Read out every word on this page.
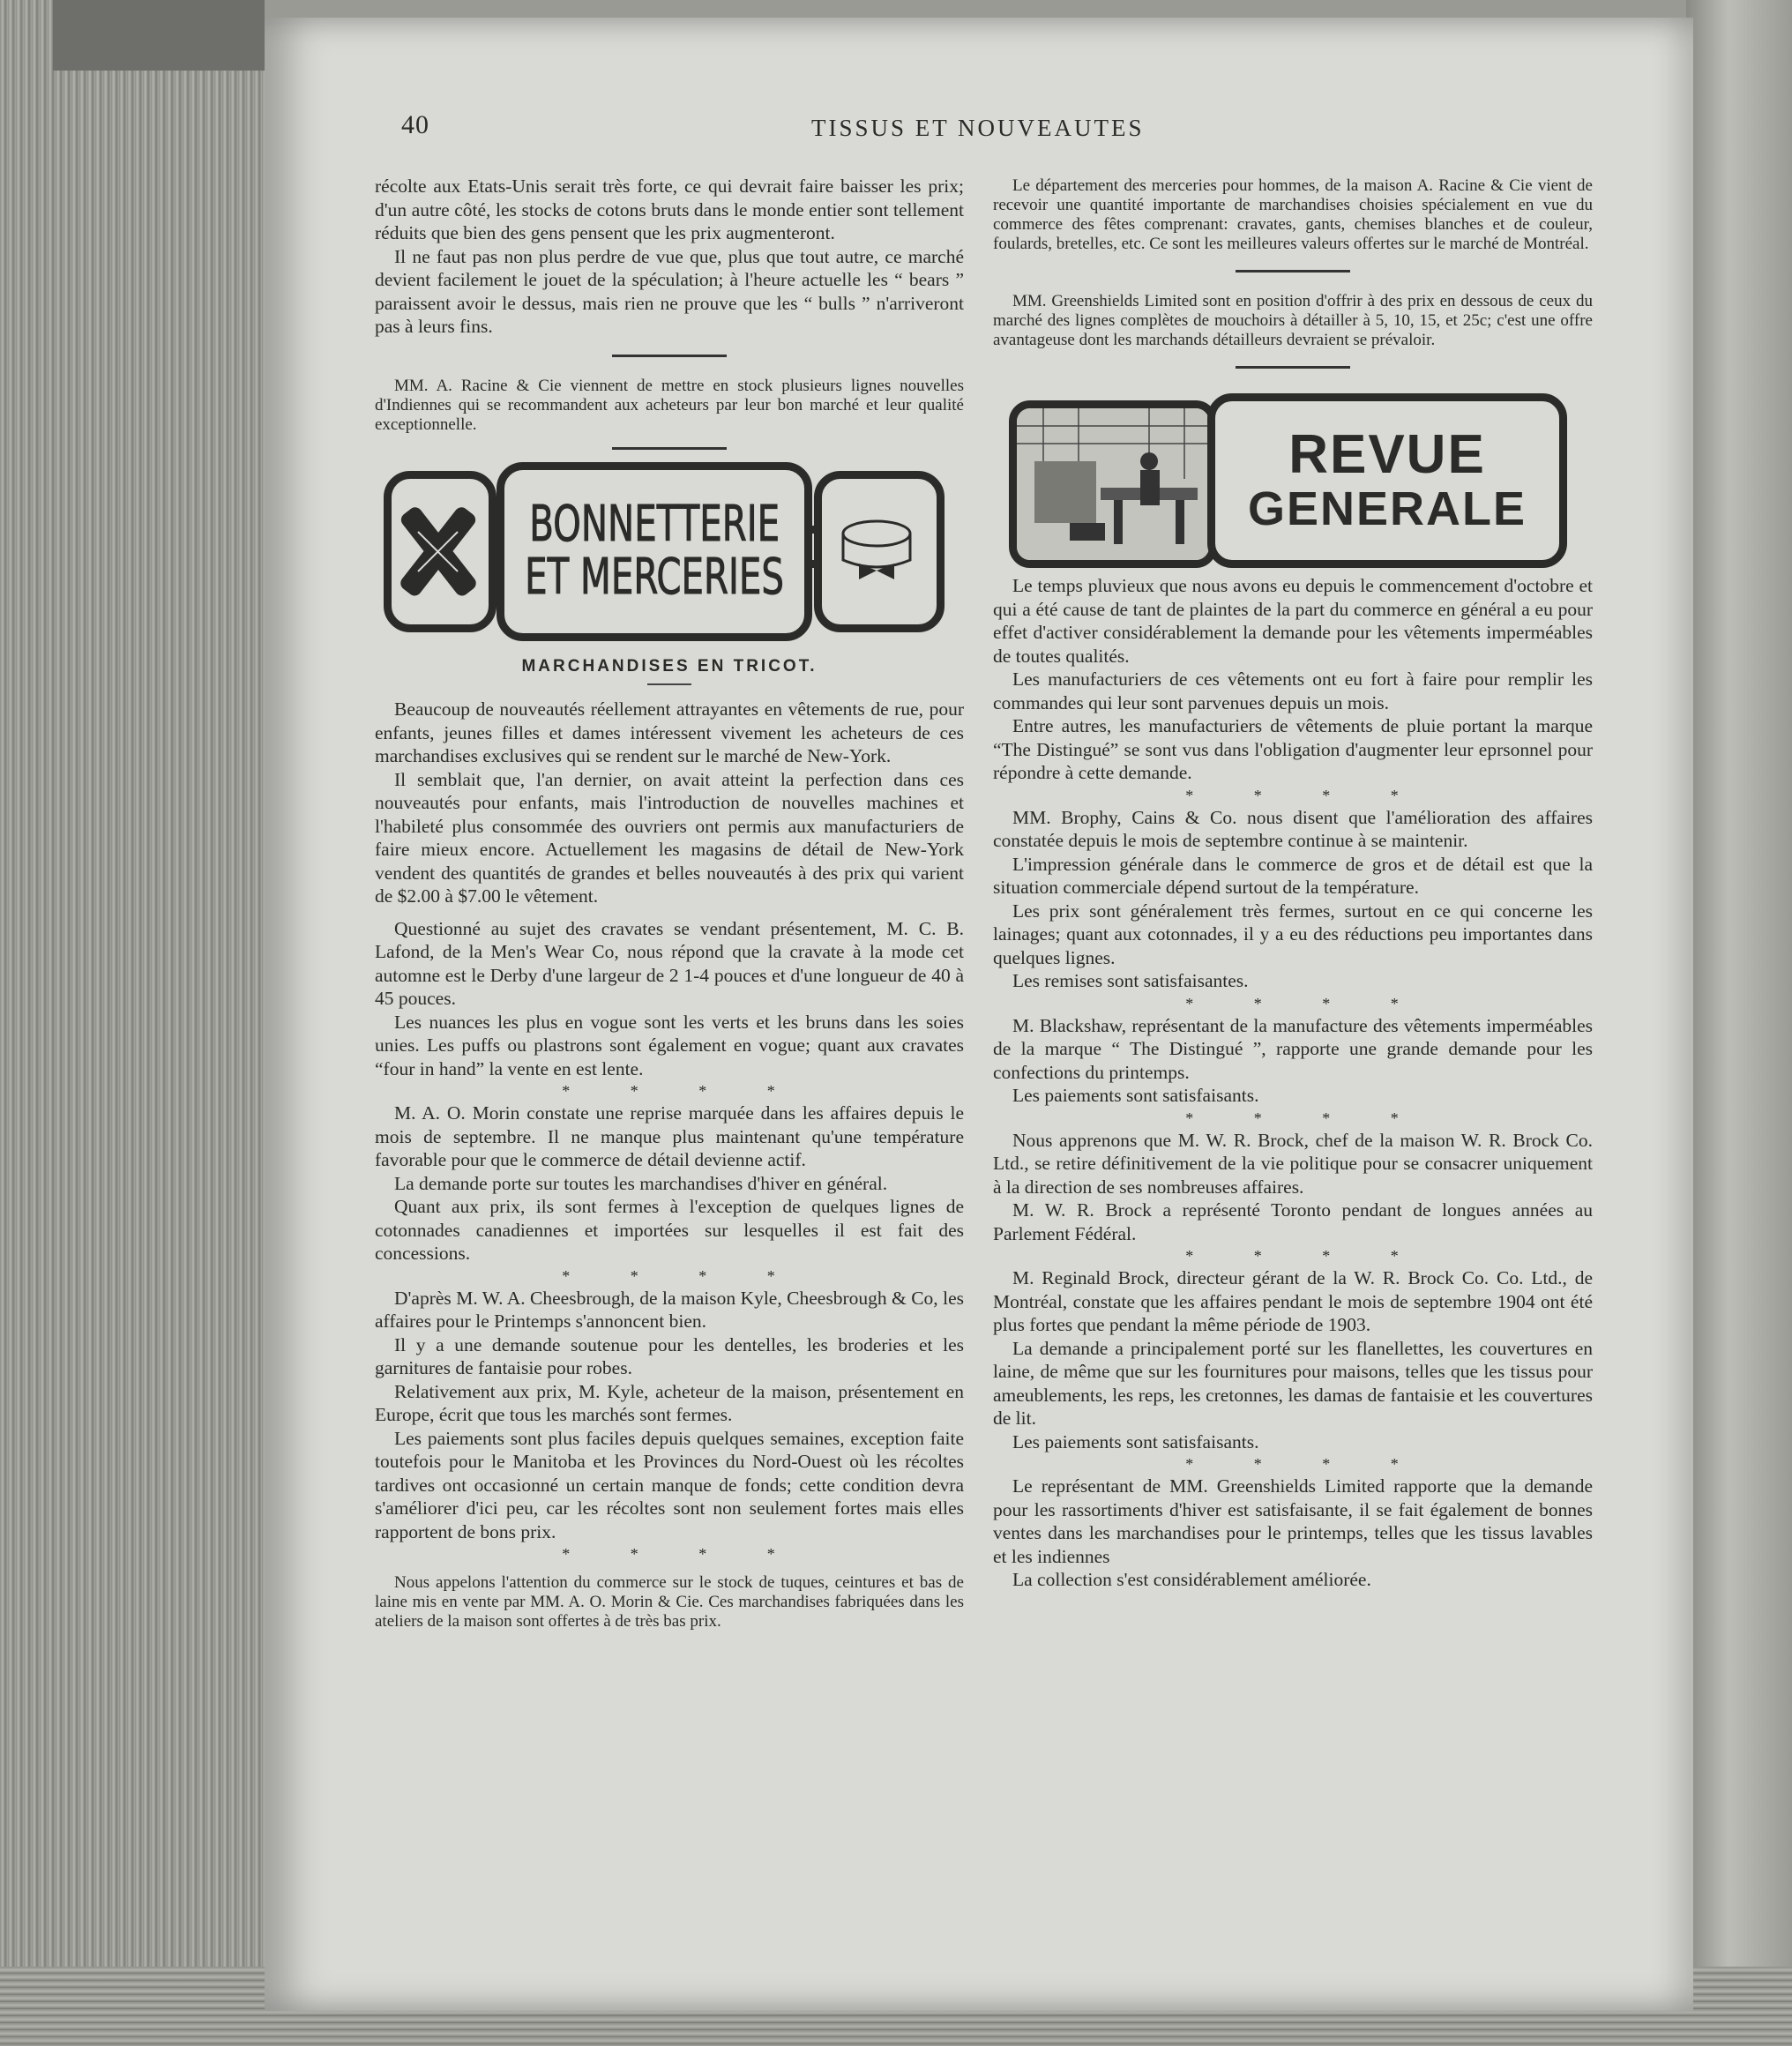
40	TISSUS ET NOUVEAUTES

récolte aux Etats-Unis serait très forte, ce qui devrait faire baisser les prix; d'un autre côté, les stocks de cotons bruts dans le monde entier sont tellement réduits que bien des gens pensent que les prix augmenteront.

Il ne faut pas non plus perdre de vue que, plus que tout autre, ce marché devient facilement le jouet de la spéculation; à l'heure actuelle les “ bears ” paraissent avoir le dessus, mais rien ne prouve que les “ bulls ” n'arriveront pas à leurs fins.

MM. A. Racine & Cie viennent de mettre en stock plusieurs lignes nouvelles d'Indiennes qui se recommandent aux acheteurs par leur bon marché et leur qualité exceptionnelle.

BONNETTERIE
ET MERCERIES
MARCHANDISES EN TRICOT.

Beaucoup de nouveautés réellement attrayantes en vêtements de rue, pour enfants, jeunes filles et dames intéressent vivement les acheteurs de ces marchandises exclusives qui se rendent sur le marché de New-York.

Il semblait que, l'an dernier, on avait atteint la perfection dans ces nouveautés pour enfants, mais l'introduction de nouvelles machines et l'habileté plus consommée des ouvriers ont permis aux manufacturiers de faire mieux encore. Actuellement les magasins de détail de New-York vendent des quantités de grandes et belles nouveautés à des prix qui varient de $2.00 à $7.00 le vêtement.

Questionné au sujet des cravates se vendant présentement, M. C. B. Lafond, de la Men's Wear Co, nous répond que la cravate à la mode cet automne est le Derby d'une largeur de 2 1-4 pouces et d'une longueur de 40 à 45 pouces.

Les nuances les plus en vogue sont les verts et les bruns dans les soies unies. Les puffs ou plastrons sont également en vogue; quant aux cravates “four in hand” la vente en est lente.

* * * *

M. A. O. Morin constate une reprise marquée dans les affaires depuis le mois de septembre. Il ne manque plus maintenant qu'une température favorable pour que le commerce de détail devienne actif.

La demande porte sur toutes les marchandises d'hiver en général.

Quant aux prix, ils sont fermes à l'exception de quelques lignes de cotonnades canadiennes et importées sur lesquelles il est fait des concessions.

* * * *

D'après M. W. A. Cheesbrough, de la maison Kyle, Cheesbrough & Co, les affaires pour le Printemps s'annoncent bien.

Il y a une demande soutenue pour les dentelles, les broderies et les garnitures de fantaisie pour robes.

Relativement aux prix, M. Kyle, acheteur de la maison, présentement en Europe, écrit que tous les marchés sont fermes.

Les paiements sont plus faciles depuis quelques semaines, exception faite toutefois pour le Manitoba et les Provinces du Nord-Ouest où les récoltes tardives ont occasionné un certain manque de fonds; cette condition devra s'améliorer d'ici peu, car les récoltes sont non seulement fortes mais elles rapportent de bons prix.

* * * *

Nous appelons l'attention du commerce sur le stock de tuques, ceintures et bas de laine mis en vente par MM. A. O. Morin & Cie. Ces marchandises fabriquées dans les ateliers de la maison sont offertes à de très bas prix.

Le département des merceries pour hommes, de la maison A. Racine & Cie vient de recevoir une quantité importante de marchandises choisies spécialement en vue du commerce des fêtes comprenant: cravates, gants, chemises blanches et de couleur, foulards, bretelles, etc. Ce sont les meilleures valeurs offertes sur le marché de Montréal.

MM. Greenshields Limited sont en position d'offrir à des prix en dessous de ceux du marché des lignes complètes de mouchoirs à détailler à 5, 10, 15, et 25c; c'est une offre avantageuse dont les marchands détailleurs devraient se prévaloir.

REVUE
GENERALE

Le temps pluvieux que nous avons eu depuis le commencement d'octobre et qui a été cause de tant de plaintes de la part du commerce en général a eu pour effet d'activer considérablement la demande pour les vêtements imperméables de toutes qualités.

Les manufacturiers de ces vêtements ont eu fort à faire pour remplir les commandes qui leur sont parvenues depuis un mois.

Entre autres, les manufacturiers de vêtements de pluie portant la marque “The Distingué” se sont vus dans l'obligation d'augmenter leur eprsonnel pour répondre à cette demande.

* * * *

MM. Brophy, Cains & Co. nous disent que l'amélioration des affaires constatée depuis le mois de septembre continue à se maintenir.

L'impression générale dans le commerce de gros et de détail est que la situation commerciale dépend surtout de la température.

Les prix sont généralement très fermes, surtout en ce qui concerne les lainages; quant aux cotonnades, il y a eu des réductions peu importantes dans quelques lignes.

Les remises sont satisfaisantes.

* * * *

M. Blackshaw, représentant de la manufacture des vêtements imperméables de la marque “ The Distingué ”, rapporte une grande demande pour les confections du printemps.

Les paiements sont satisfaisants.

* * * *

Nous apprenons que M. W. R. Brock, chef de la maison W. R. Brock Co. Ltd., se retire définitivement de la vie politique pour se consacrer uniquement à la direction de ses nombreuses affaires.

M. W. R. Brock a représenté Toronto pendant de longues années au Parlement Fédéral.

* * * *

M. Reginald Brock, directeur gérant de la W. R. Brock Co. Co. Ltd., de Montréal, constate que les affaires pendant le mois de septembre 1904 ont été plus fortes que pendant la même période de 1903.

La demande a principalement porté sur les flanellettes, les couvertures en laine, de même que sur les fournitures pour maisons, telles que les tissus pour ameublements, les reps, les cretonnes, les damas de fantaisie et les couvertures de lit.

Les paiements sont satisfaisants.

* * * *

Le représentant de MM. Greenshields Limited rapporte que la demande pour les rassortiments d'hiver est satisfaisante, il se fait également de bonnes ventes dans les marchandises pour le printemps, telles que les tissus lavables et les indiennes

La collection s'est considérablement améliorée.
